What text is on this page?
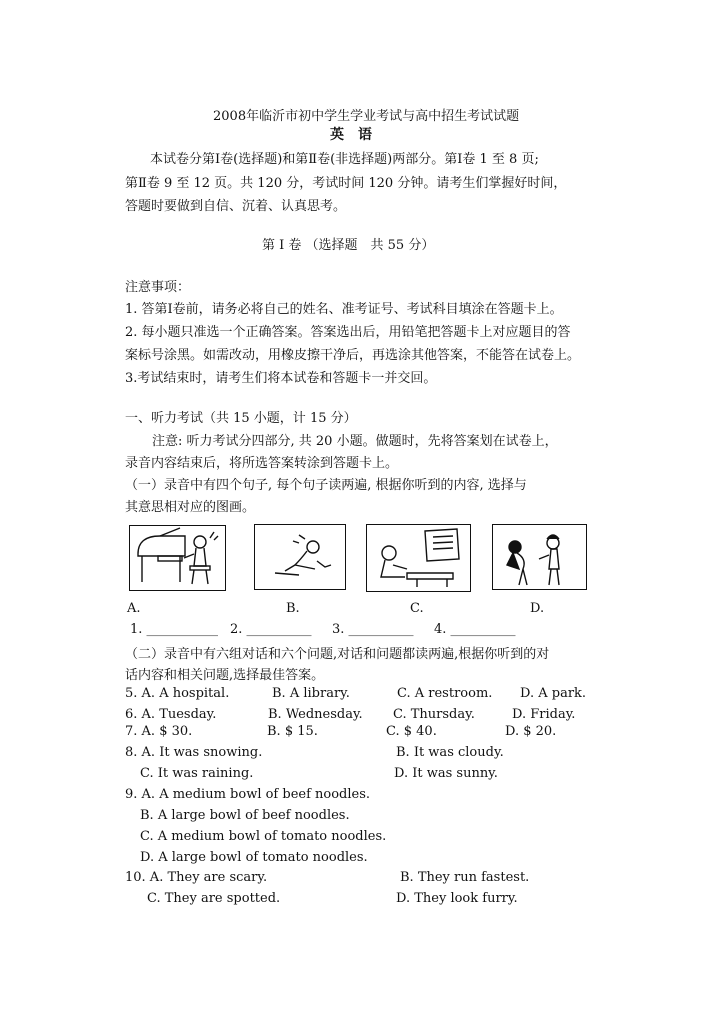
2008年临沂市初中学生学业考试与高中招生考试试题
英　语
本试卷分第Ⅰ卷(选择题)和第Ⅱ卷(非选择题)两部分。第Ⅰ卷 1 至 8 页;
第Ⅱ卷 9 至 12 页。共 120 分，考试时间 120 分钟。请考生们掌握好时间，
答题时要做到自信、沉着、认真思考。
第 I 卷 （选择题　共 55 分）
注意事项：
1. 答第Ⅰ卷前，请务必将自己的姓名、准考证号、考试科目填涂在答题卡上。
2. 每小题只准选一个正确答案。答案选出后，用铅笔把答题卡上对应题目的答
案标号涂黑。如需改动，用橡皮擦干净后，再选涂其他答案，不能答在试卷上。
3.考试结束时，请考生们将本试卷和答题卡一并交回。
一、听力考试（共 15 小题，计 15 分）
注意: 听力考试分四部分, 共 20 小题。做题时，先将答案划在试卷上，
录音内容结束后，将所选答案转涂到答题卡上。
（一）录音中有四个句子, 每个句子读两遍, 根据你听到的内容, 选择与
其意思相对应的图画。
A.	B.	C.	D.
1. ___________ 2. __________ 3. __________ 4. __________
（二）录音中有六组对话和六个问题,对话和问题都读两遍,根据你听到的对
话内容和相关问题,选择最佳答案。
5. A. A hospital.	B. A library.	C. A restroom. D. A park.
6. A. Tuesday.	B. Wednesday. C. Thursday.	D. Friday.
7. A. $ 30.	B. $ 15.	C. $ 40.	D. $ 20.
8. A. It was snowing.	B. It was cloudy.
C. It was raining.	D. It was sunny.
9. A. A medium bowl of beef noodles.
B. A large bowl of beef noodles.
C. A medium bowl of tomato noodles.
D. A large bowl of tomato noodles.
10. A. They are scary.	B. They run fastest.
C. They are spotted.	D. They look furry.
